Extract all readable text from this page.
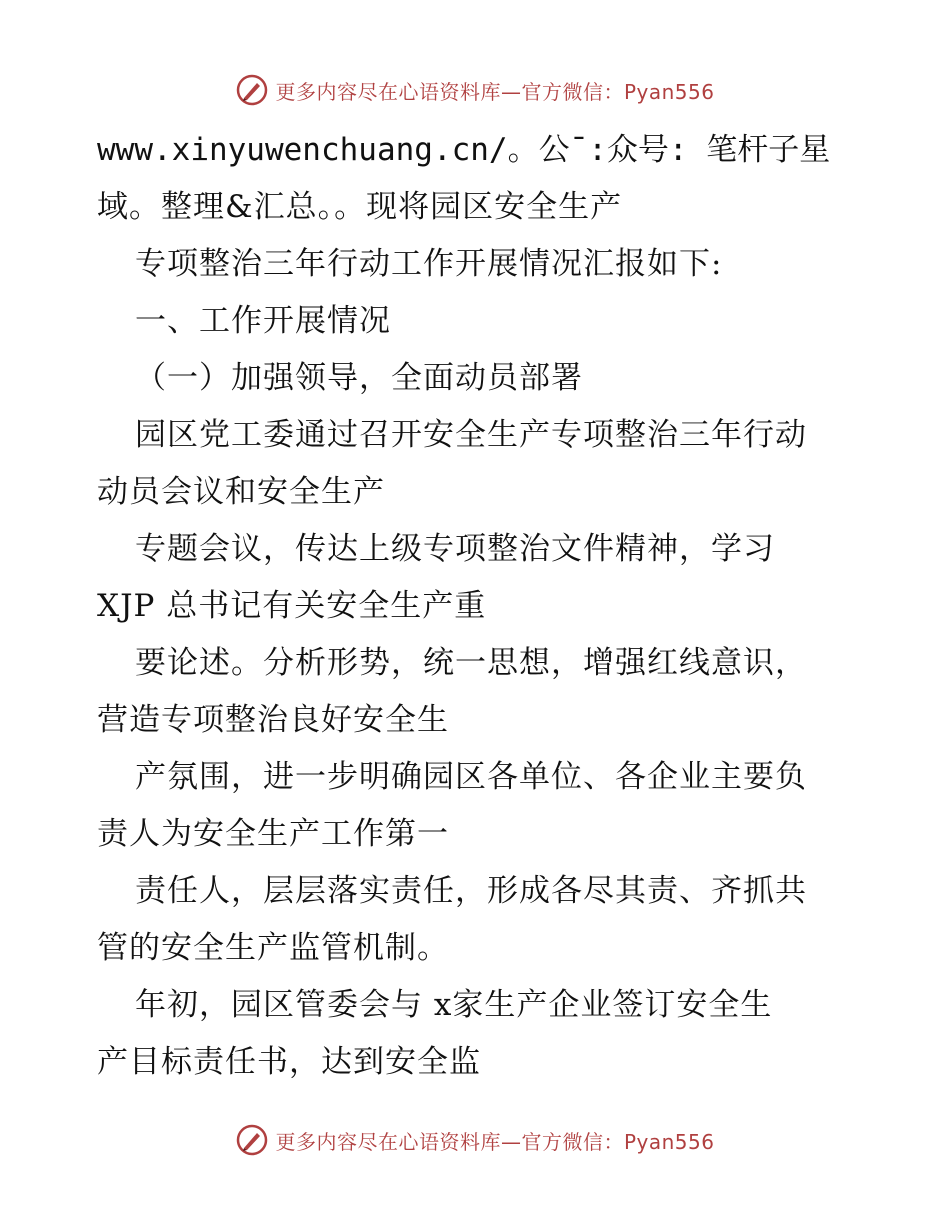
更多内容尽在心语资料库—官方微信：Pyan556
www.xinyuwenchuang.cn/。公¯:众号: 笔杆子星
域。整理&汇总。。现将园区安全生产
专项整治三年行动工作开展情况汇报如下:
一、工作开展情况
（一）加强领导，全面动员部署
园区党工委通过召开安全生产专项整治三年行动
动员会议和安全生产
专题会议，传达上级专项整治文件精神，学习
XJP 总书记有关安全生产重
要论述。分析形势，统一思想，增强红线意识，
营造专项整治良好安全生
产氛围，进一步明确园区各单位、各企业主要负
责人为安全生产工作第一
责任人，层层落实责任，形成各尽其责、齐抓共
管的安全生产监管机制。
年初，园区管委会与 x家生产企业签订安全生
产目标责任书，达到安全监
更多内容尽在心语资料库—官方微信：Pyan556
